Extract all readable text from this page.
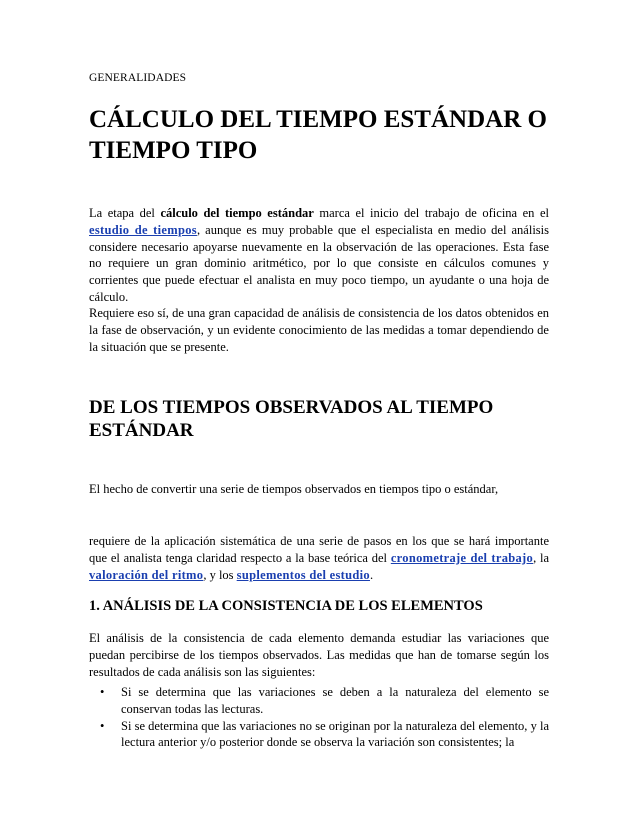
GENERALIDADES
CÁLCULO DEL TIEMPO ESTÁNDAR O TIEMPO TIPO

La etapa del cálculo del tiempo estándar marca el inicio del trabajo de oficina en el estudio de tiempos, aunque es muy probable que el especialista en medio del análisis considere necesario apoyarse nuevamente en la observación de las operaciones. Esta fase no requiere un gran dominio aritmético, por lo que consiste en cálculos comunes y corrientes que puede efectuar el analista en muy poco tiempo, un ayudante o una hoja de cálculo.

Requiere eso sí, de una gran capacidad de análisis de consistencia de los datos obtenidos en la fase de observación, y un evidente conocimiento de las medidas a tomar dependiendo de la situación que se presente.

DE LOS TIEMPOS OBSERVADOS AL TIEMPO ESTÁNDAR

El hecho de convertir una serie de tiempos observados en tiempos tipo o estándar,

requiere de la aplicación sistemática de una serie de pasos en los que se hará importante que el analista tenga claridad respecto a la base teórica del cronometraje del trabajo, la valoración del ritmo, y los suplementos del estudio.

1. ANÁLISIS DE LA CONSISTENCIA DE LOS ELEMENTOS

El análisis de la consistencia de cada elemento demanda estudiar las variaciones que puedan percibirse de los tiempos observados. Las medidas que han de tomarse según los resultados de cada análisis son las siguientes:

• Si se determina que las variaciones se deben a la naturaleza del elemento se conservan todas las lecturas.
• Si se determina que las variaciones no se originan por la naturaleza del elemento, y la lectura anterior y/o posterior donde se observa la variación son consistentes; la
